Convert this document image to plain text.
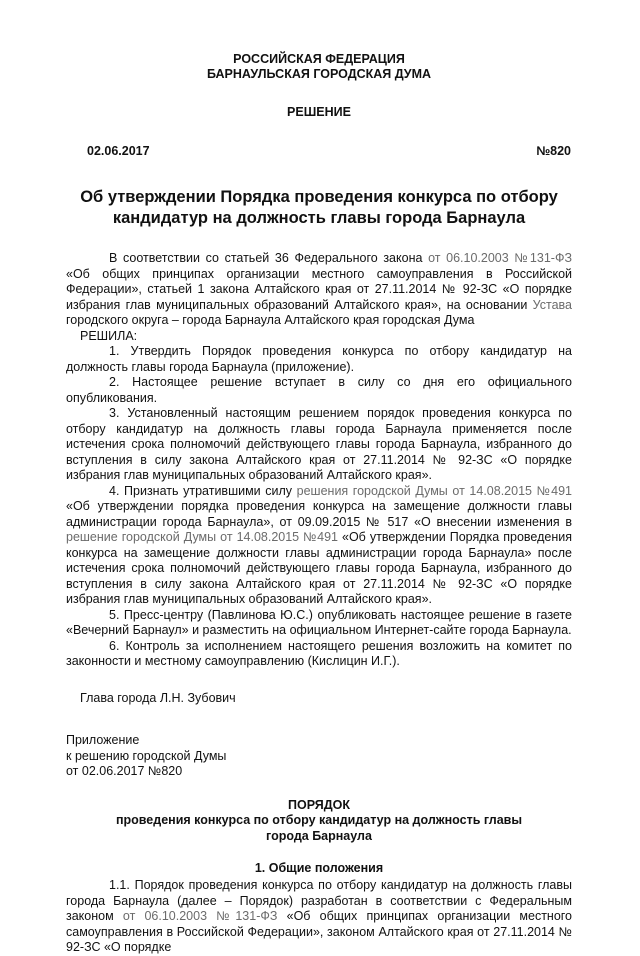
РОССИЙСКАЯ ФЕДЕРАЦИЯ
БАРНАУЛЬСКАЯ ГОРОДСКАЯ ДУМА
РЕШЕНИЕ
02.06.2017	№820
Об утверждении Порядка проведения конкурса по отбору
кандидатур на должность главы города Барнаула

В соответствии со статьей 36 Федерального закона от 06.10.2003 №131-ФЗ «Об общих принципах организации местного самоуправления в Российской Федерации», статьей 1 закона Алтайского края от 27.11.2014 № 92-ЗС «О порядке избрания глав муниципальных образований Алтайского края», на основании Устава городского округа – города Барнаула Алтайского края городская Дума

РЕШИЛА:

1. Утвердить Порядок проведения конкурса по отбору кандидатур на должность главы города Барнаула (приложение).

2. Настоящее решение вступает в силу со дня его официального опубликования.

3. Установленный настоящим решением порядок проведения конкурса по отбору кандидатур на должность главы города Барнаула применяется после истечения срока полномочий действующего главы города Барнаула, избранного до вступления в силу закона Алтайского края от 27.11.2014 № 92-ЗС «О порядке избрания глав муниципальных образований Алтайского края».

4. Признать утратившими силу решения городской Думы от 14.08.2015 №491 «Об утверждении порядка проведения конкурса на замещение должности главы администрации города Барнаула», от 09.09.2015 № 517 «О внесении изменения в решение городской Думы от 14.08.2015 №491 «Об утверждении Порядка проведения конкурса на замещение должности главы администрации города Барнаула» после истечения срока полномочий действующего главы города Барнаула, избранного до вступления в силу закона Алтайского края от 27.11.2014 № 92-ЗС «О порядке избрания глав муниципальных образований Алтайского края».

5. Пресс-центру (Павлинова Ю.С.) опубликовать настоящее решение в газете «Вечерний Барнаул» и разместить на официальном Интернет-сайте города Барнаула.

6. Контроль за исполнением настоящего решения возложить на комитет по законности и местному самоуправлению (Кислицин И.Г.).

Глава города Л.Н. Зубович

Приложение
к решению городской Думы
от 02.06.2017 №820
ПОРЯДОК
проведения конкурса по отбору кандидатур на должность главы города Барнаула
1. Общие положения

1.1. Порядок проведения конкурса по отбору кандидатур на должность главы города Барнаула (далее – Порядок) разработан в соответствии с Федеральным законом от 06.10.2003 №131-ФЗ «Об общих принципах организации местного самоуправления в Российской Федерации», законом Алтайского края от 27.11.2014 № 92-ЗС «О порядке
